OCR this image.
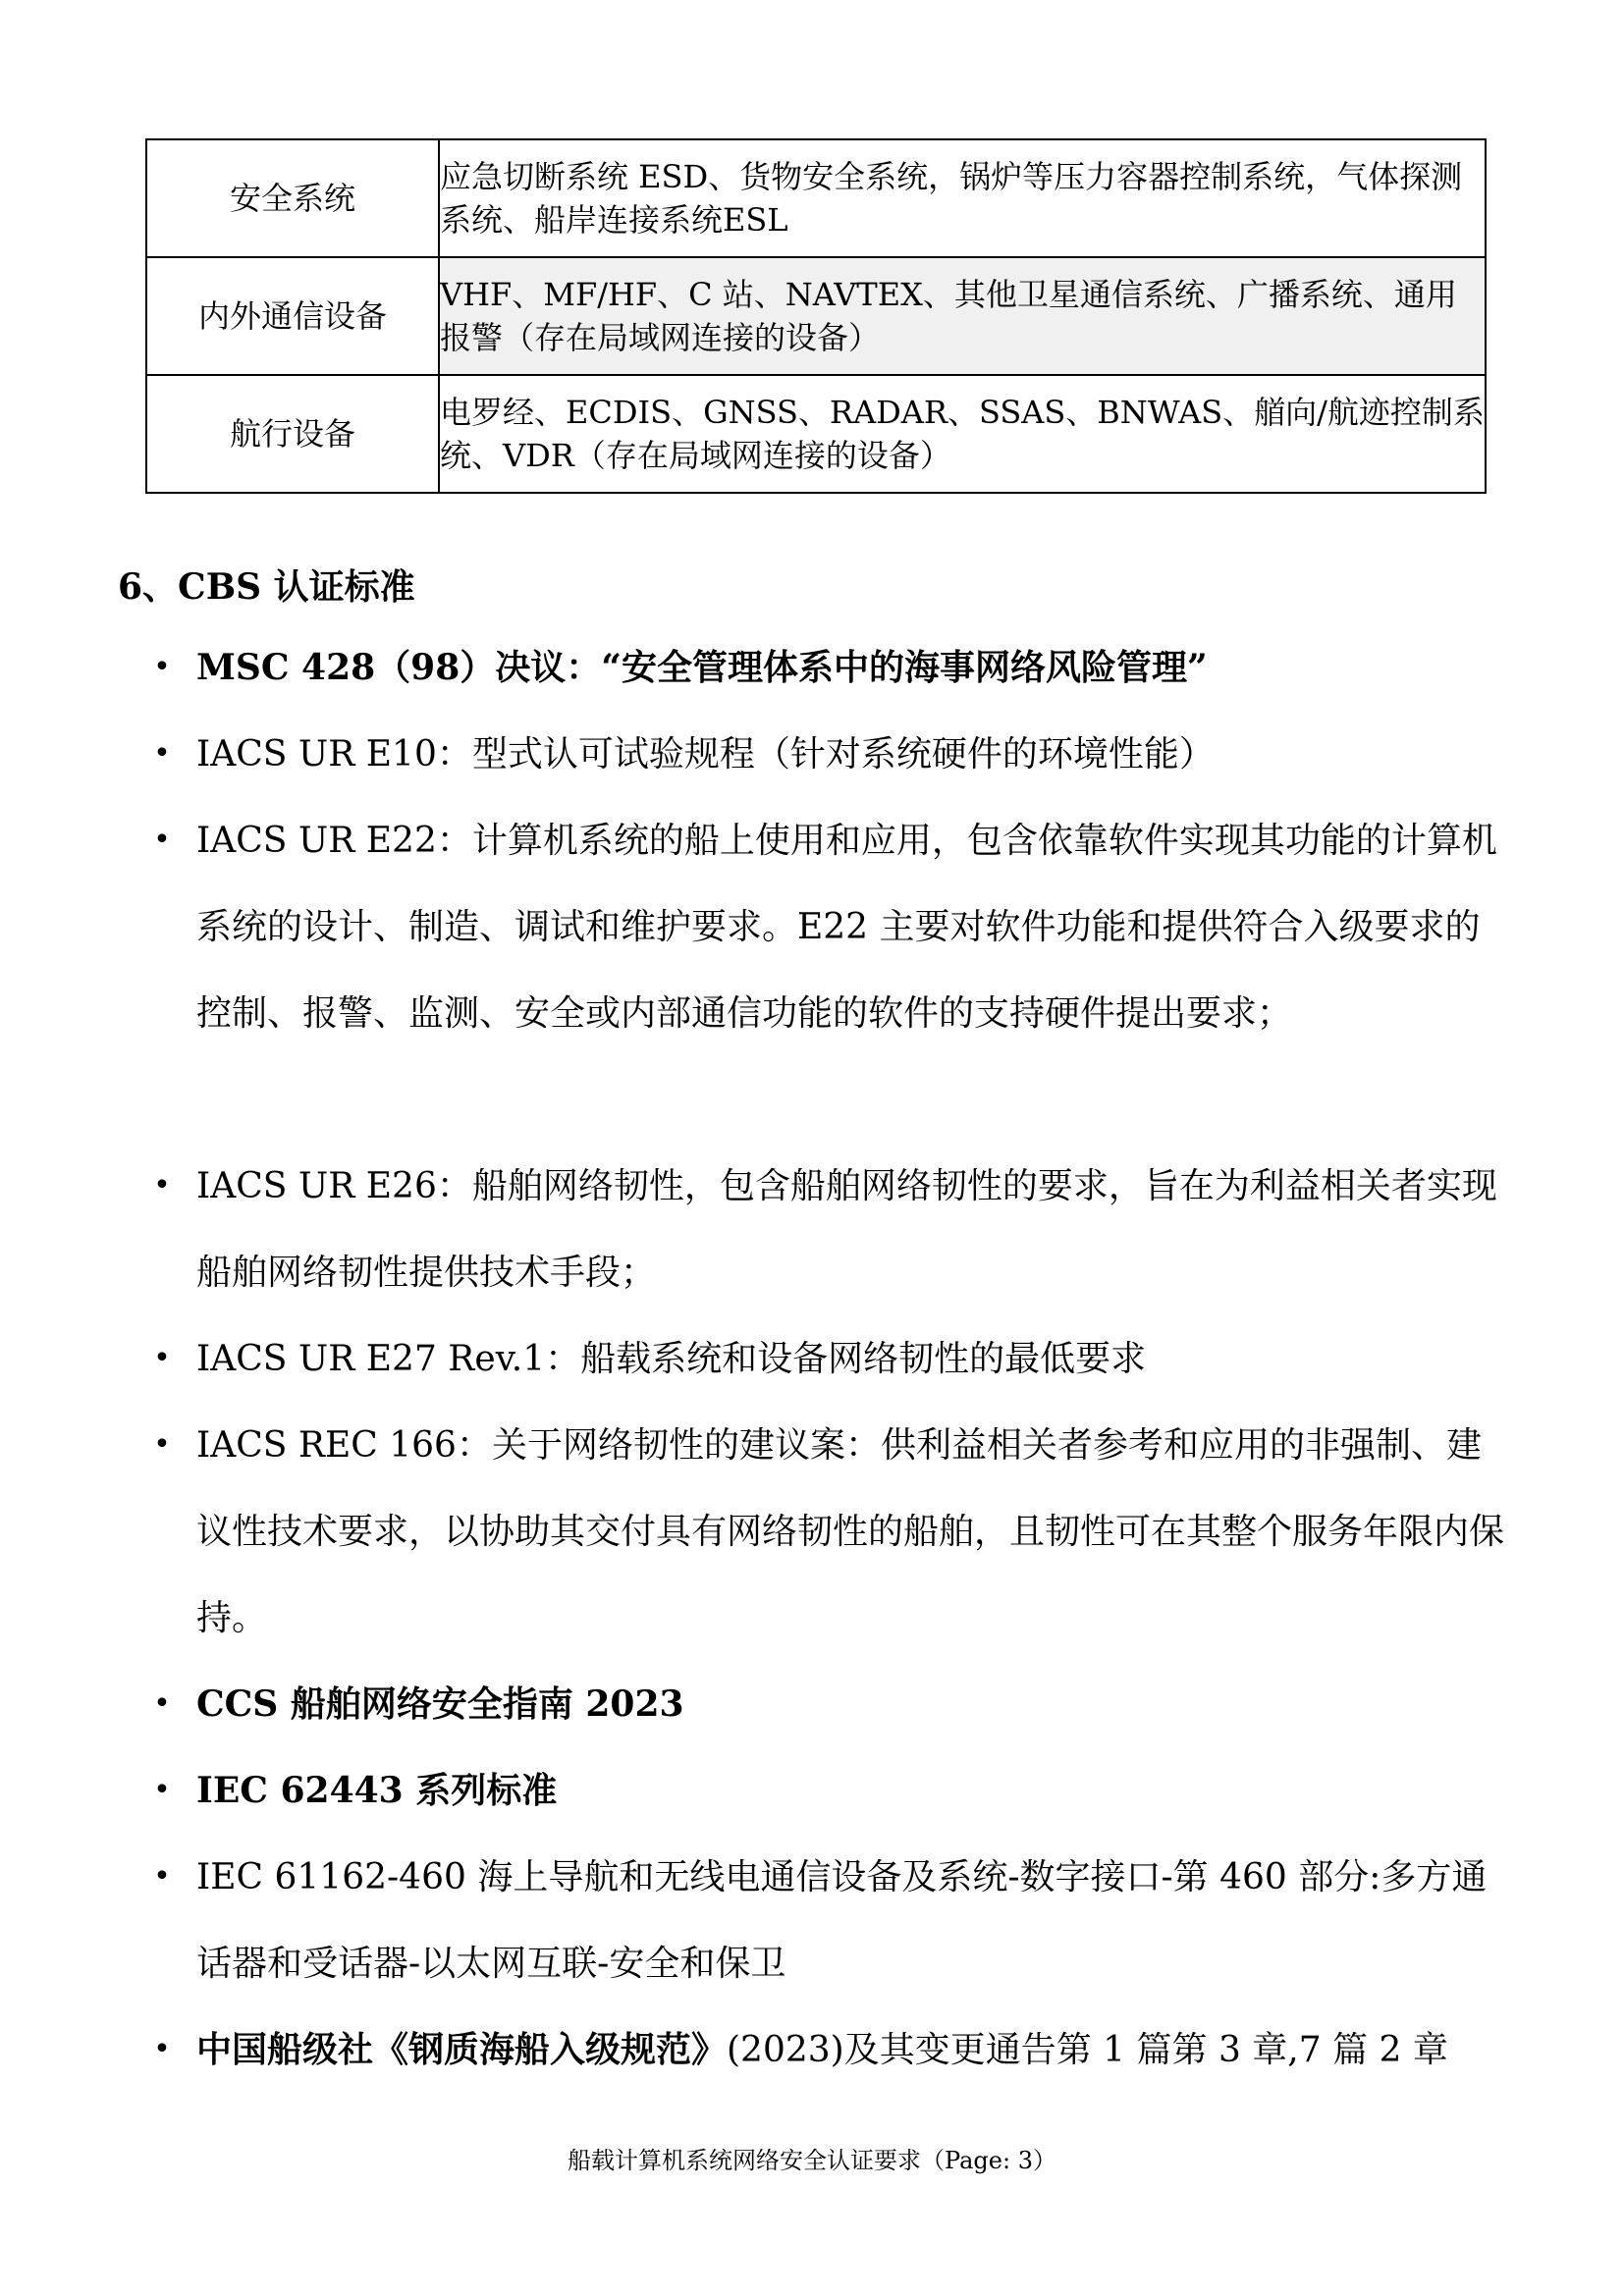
安全系统	应急切断系统 ESD、货物安全系统，锅炉等压力容器控制系统，气体探测系统、船岸连接系统ESL
内外通信设备	VHF、MF/HF、C 站、NAVTEX、其他卫星通信系统、广播系统、通用报警（存在局域网连接的设备）
航行设备	电罗经、ECDIS、GNSS、RADAR、SSAS、BNWAS、艏向/航迹控制系统、VDR（存在局域网连接的设备）
6、CBS 认证标准
• MSC 428（98）决议：“安全管理体系中的海事网络风险管理”
• IACS UR E10：型式认可试验规程（针对系统硬件的环境性能）
• IACS UR E22：计算机系统的船上使用和应用，包含依靠软件实现其功能的计算机系统的设计、制造、调试和维护要求。E22 主要对软件功能和提供符合入级要求的控制、报警、监测、安全或内部通信功能的软件的支持硬件提出要求；
• IACS UR E26：船舶网络韧性，包含船舶网络韧性的要求，旨在为利益相关者实现船舶网络韧性提供技术手段；
• IACS UR E27 Rev.1：船载系统和设备网络韧性的最低要求
• IACS REC 166：关于网络韧性的建议案：供利益相关者参考和应用的非强制、建议性技术要求，以协助其交付具有网络韧性的船舶，且韧性可在其整个服务年限内保持。
• CCS 船舶网络安全指南 2023
• IEC 62443 系列标准
• IEC 61162-460 海上导航和无线电通信设备及系统-数字接口-第 460 部分:多方通话器和受话器-以太网互联-安全和保卫
• 中国船级社《钢质海船入级规范》(2023)及其变更通告第 1 篇第 3 章,7 篇 2 章
船载计算机系统网络安全认证要求（Page: 3）
